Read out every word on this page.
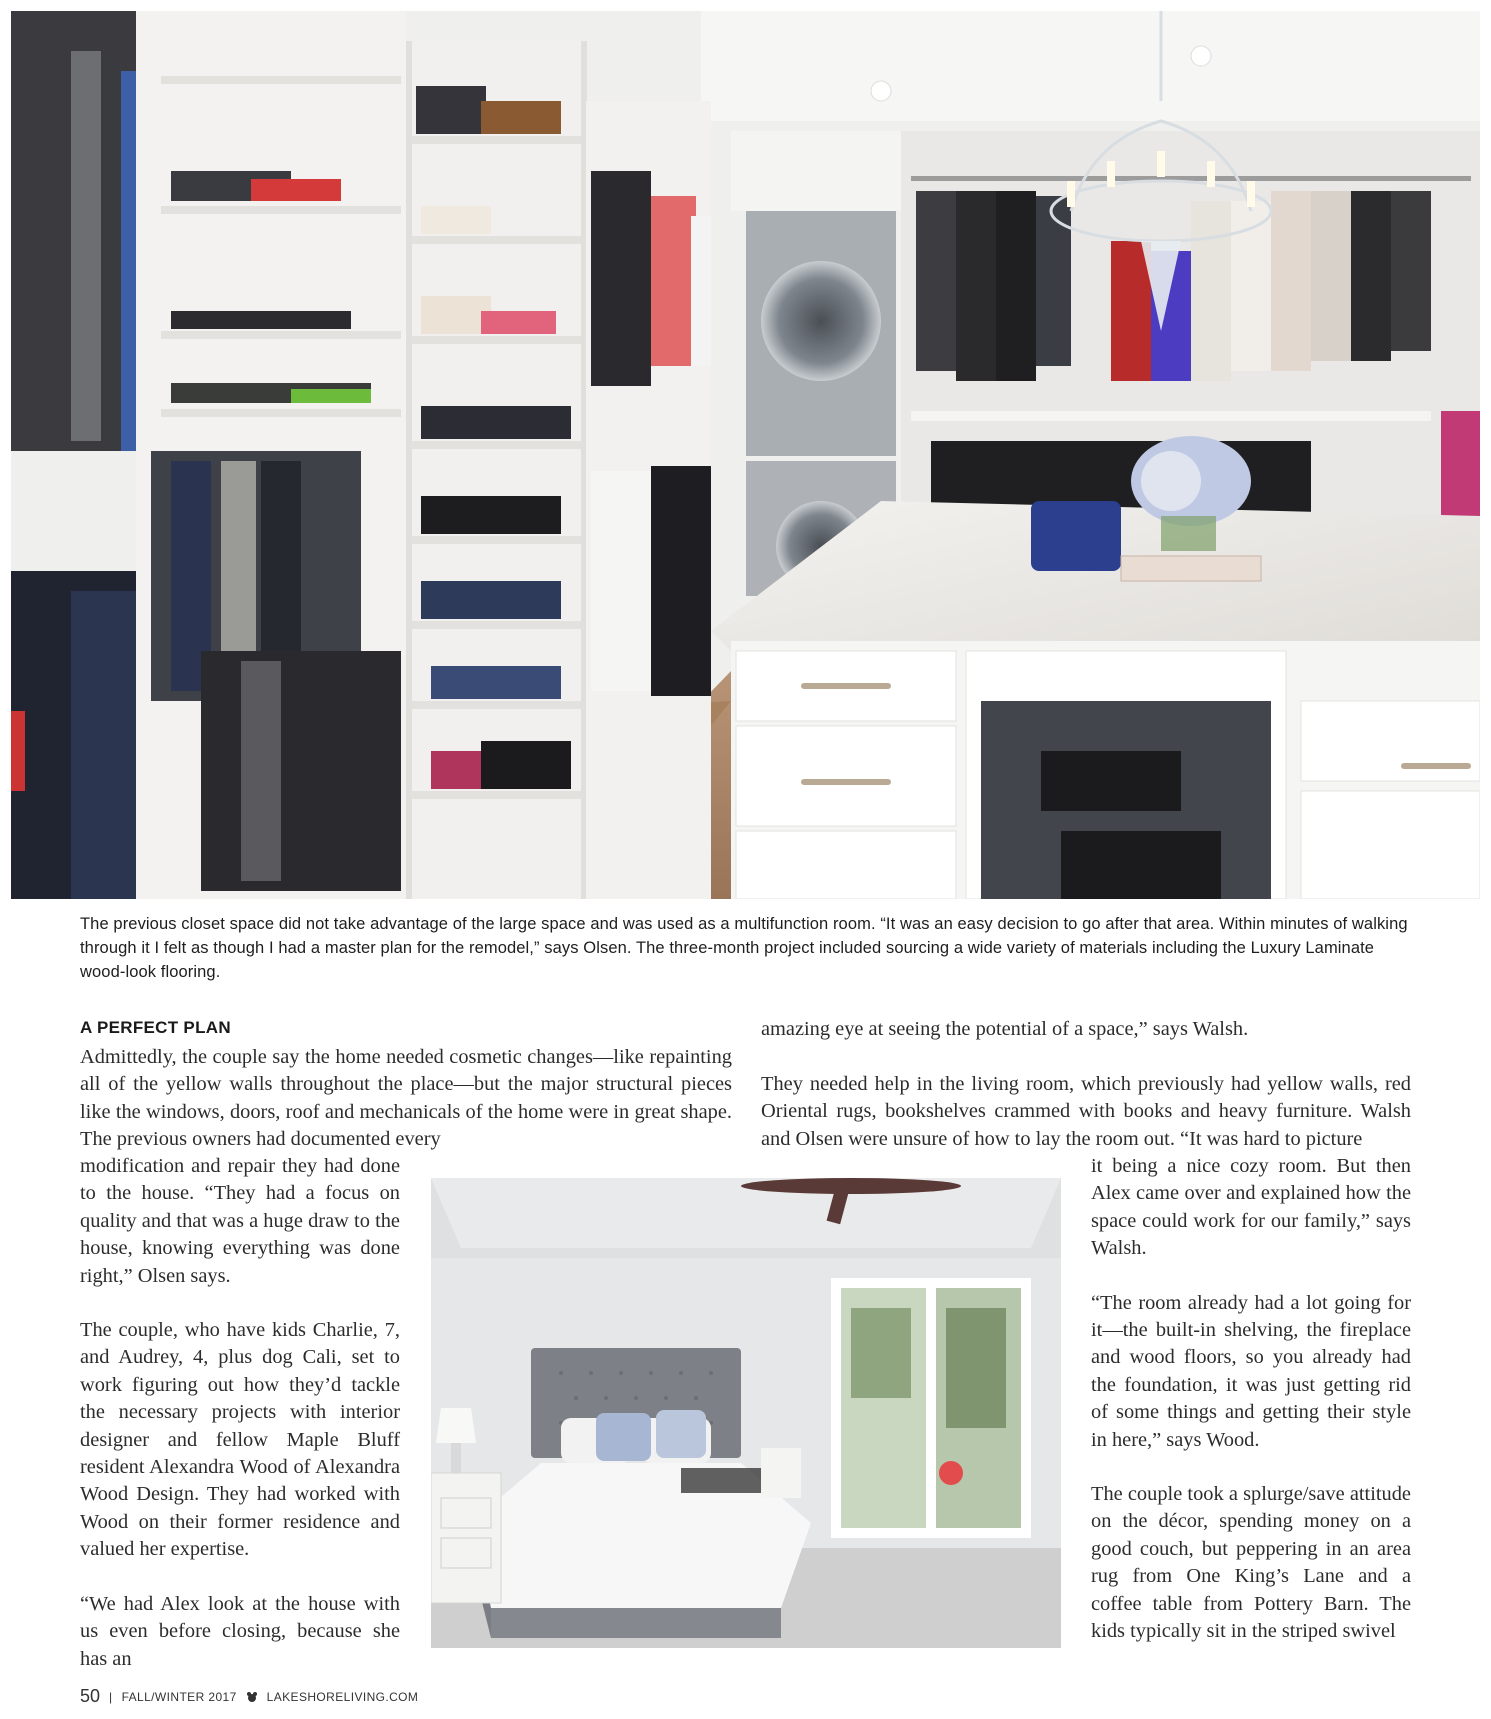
The previous closet space did not take advantage of the large space and was used as a multifunction room. “It was an easy decision to go after that area. Within minutes of walking through it I felt as though I had a master plan for the remodel,” says Olsen. The three-month project included sourcing a wide variety of materials including the Luxury Laminate wood-look flooring.
A PERFECT PLAN
Admittedly, the couple say the home needed cosmetic changes—like repainting all of the yellow walls throughout the place—but the major structural pieces like the windows, doors, roof and mechanicals of the home were in great shape. The previous owners had documented every

modification and repair they had done to the house. “They had a focus on quality and that was a huge draw to the house, knowing everything was done right,” Olsen says.

The couple, who have kids Charlie, 7, and Audrey, 4, plus dog Cali, set to work figuring out how they’d tackle the necessary projects with interior designer and fellow Maple Bluff resident Alexandra Wood of Alexandra Wood Design. They had worked with Wood on their former residence and valued her expertise.

“We had Alex look at the house with us even before closing, because she has an

amazing eye at seeing the potential of a space,” says Walsh.
They needed help in the living room, which previously had yellow walls, red Oriental rugs, bookshelves crammed with books and heavy furniture. Walsh and Olsen were unsure of how to lay the room out. “It was hard to picture

it being a nice cozy room. But then Alex came over and explained how the space could work for our family,” says Walsh.

“The room already had a lot going for it—the built-in shelving, the fireplace and wood floors, so you already had the foundation, it was just getting rid of some things and getting their style in here,” says Wood.

The couple took a splurge/save attitude on the décor, spending money on a good couch, but peppering in an area rug from One King’s Lane and a coffee table from Pottery Barn. The kids typically sit in the striped swivel

50 | FALL/WINTER 2017	LAKESHORELIVING.COM
